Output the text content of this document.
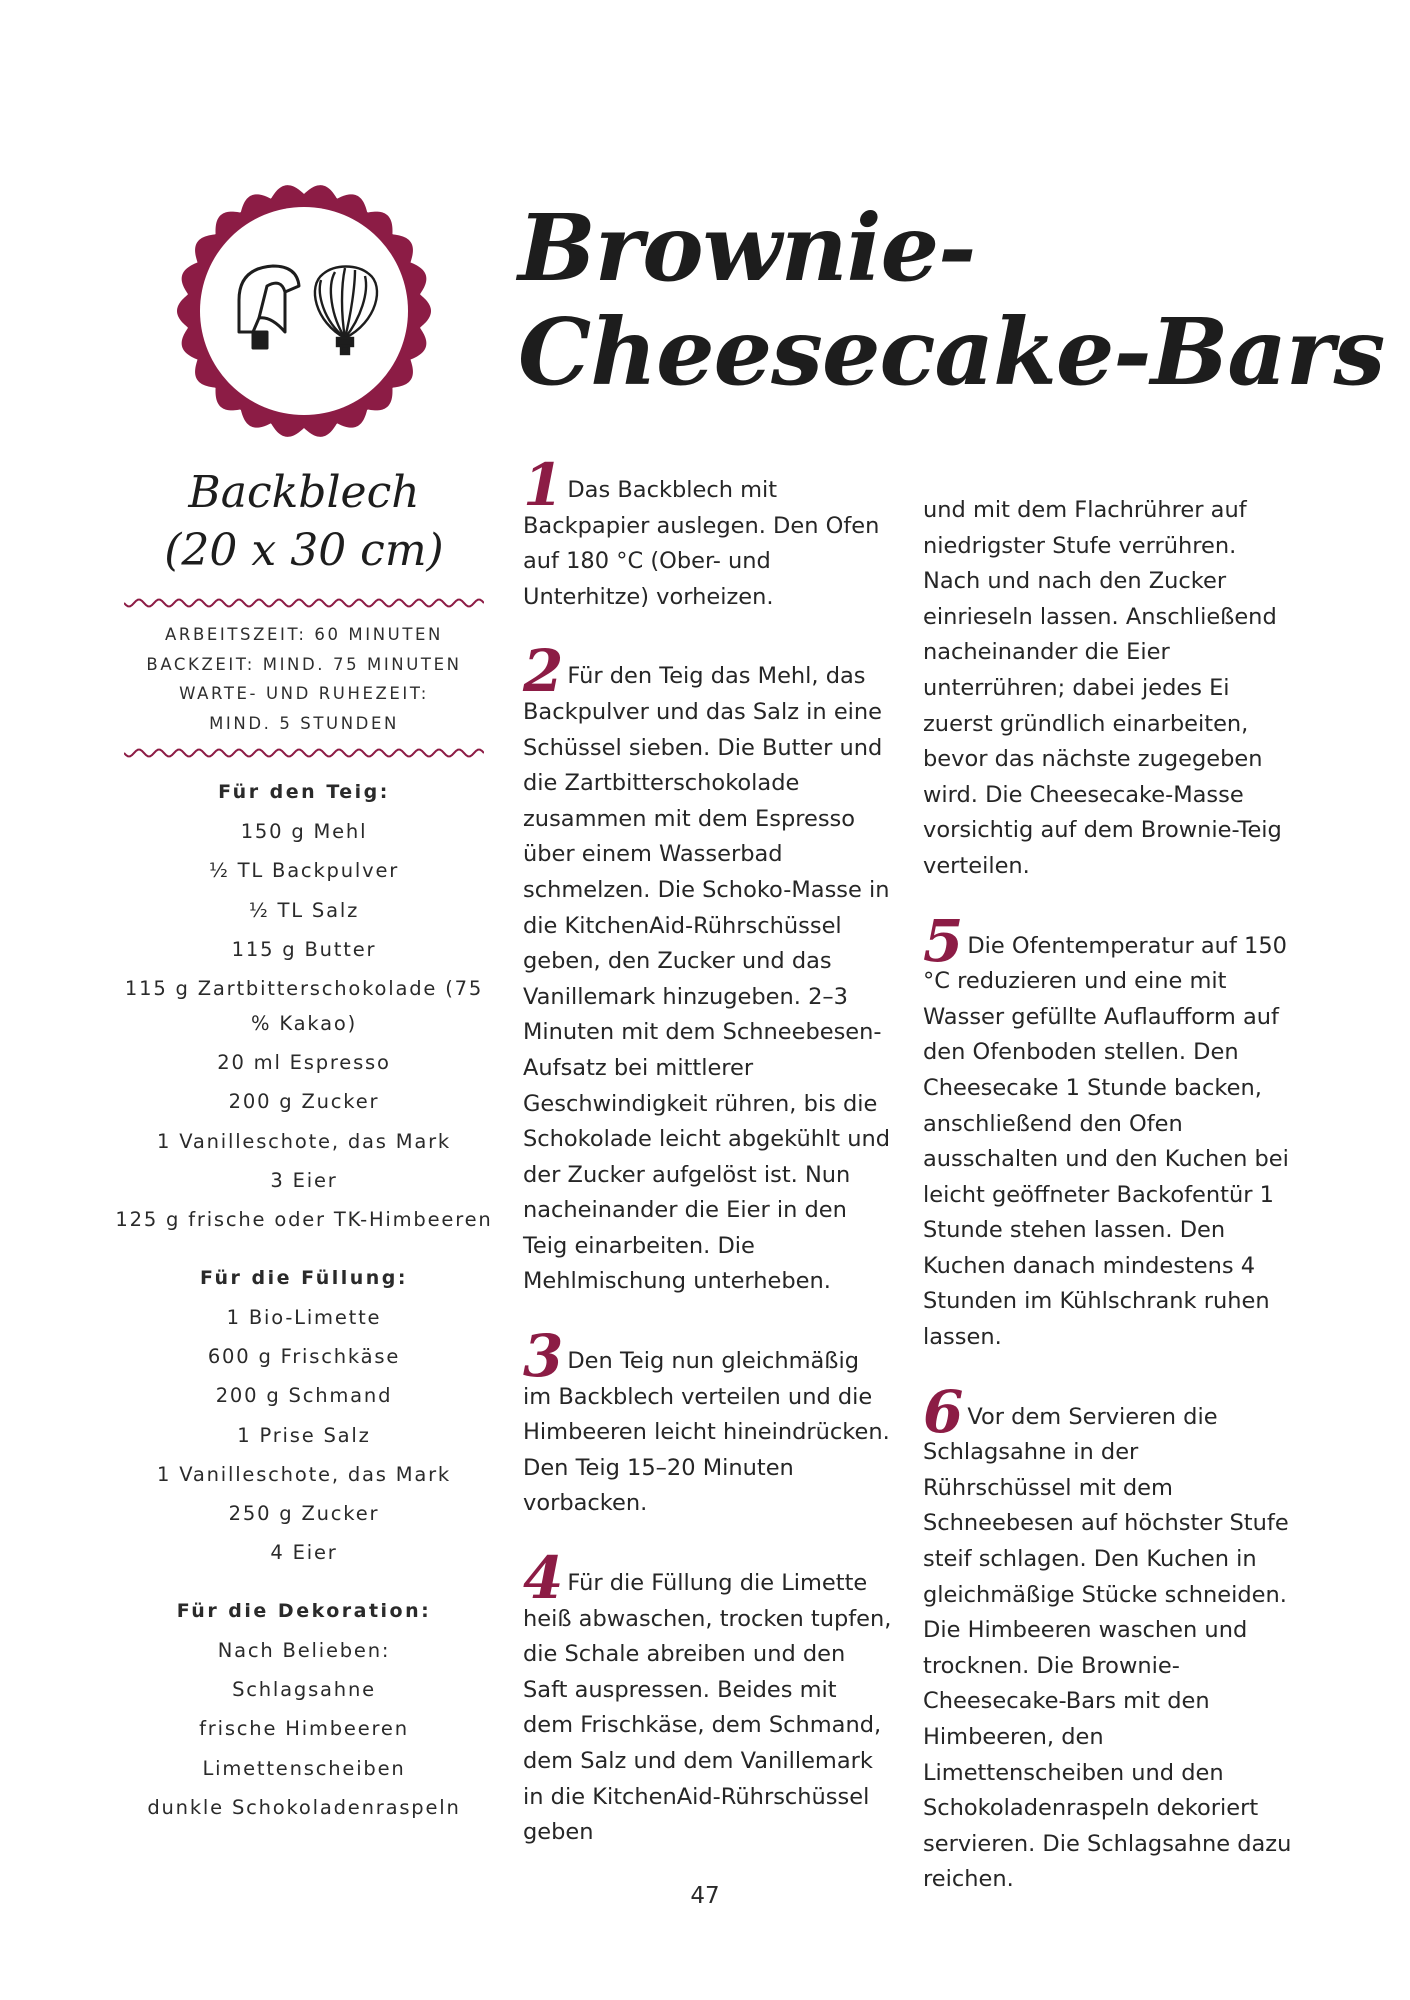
Brownie-
Cheesecake-Bars
Backblech
(20 x 30 cm)
ARBEITSZEIT: 60 MINUTEN
BACKZEIT: MIND. 75 MINUTEN
WARTE- UND RUHEZEIT:
MIND. 5 STUNDEN
Für den Teig:
150 g Mehl
½ TL Backpulver
½ TL Salz
115 g Butter
115 g Zartbitterschokolade (75 % Kakao)
20 ml Espresso
200 g Zucker
1 Vanilleschote, das Mark
3 Eier
125 g frische oder TK-Himbeeren
Für die Füllung:
1 Bio-Limette
600 g Frischkäse
200 g Schmand
1 Prise Salz
1 Vanilleschote, das Mark
250 g Zucker
4 Eier
Für die Dekoration:
Nach Belieben:
Schlagsahne
frische Himbeeren
Limettenscheiben
dunkle Schokoladenraspeln

1 Das Backblech mit Backpapier auslegen. Den Ofen auf 180 °C (Ober- und Unterhitze) vorheizen.

2 Für den Teig das Mehl, das Backpulver und das Salz in eine Schüssel sieben. Die Butter und die Zartbitterschokolade zusammen mit dem Espresso über einem Wasserbad schmelzen. Die Schoko-Masse in die KitchenAid-Rührschüssel geben, den Zucker und das Vanillemark hinzugeben. 2–3 Minuten mit dem Schneebesen-Aufsatz bei mittlerer Geschwindigkeit rühren, bis die Schokolade leicht abgekühlt und der Zucker aufgelöst ist. Nun nacheinander die Eier in den Teig einarbeiten. Die Mehlmischung unterheben.

3 Den Teig nun gleichmäßig im Backblech verteilen und die Himbeeren leicht hineindrücken. Den Teig 15–20 Minuten vorbacken.

4 Für die Füllung die Limette heiß abwaschen, trocken tupfen, die Schale abreiben und den Saft auspressen. Beides mit dem Frischkäse, dem Schmand, dem Salz und dem Vanillemark in die KitchenAid-Rührschüssel geben

und mit dem Flachrührer auf niedrigster Stufe verrühren. Nach und nach den Zucker einrieseln lassen. Anschließend nacheinander die Eier unterrühren; dabei jedes Ei zuerst gründlich einarbeiten, bevor das nächste zugegeben wird. Die Cheesecake-Masse vorsichtig auf dem Brownie-Teig verteilen.

5 Die Ofentemperatur auf 150 °C reduzieren und eine mit Wasser gefüllte Auflaufform auf den Ofenboden stellen. Den Cheesecake 1 Stunde backen, anschließend den Ofen ausschalten und den Kuchen bei leicht geöffneter Backofentür 1 Stunde stehen lassen. Den Kuchen danach mindestens 4 Stunden im Kühlschrank ruhen lassen.

6 Vor dem Servieren die Schlagsahne in der Rührschüssel mit dem Schneebesen auf höchster Stufe steif schlagen. Den Kuchen in gleichmäßige Stücke schneiden. Die Himbeeren waschen und trocknen. Die Brownie-Cheesecake-Bars mit den Himbeeren, den Limettenscheiben und den Schokoladenraspeln dekoriert servieren. Die Schlagsahne dazu reichen.

47
